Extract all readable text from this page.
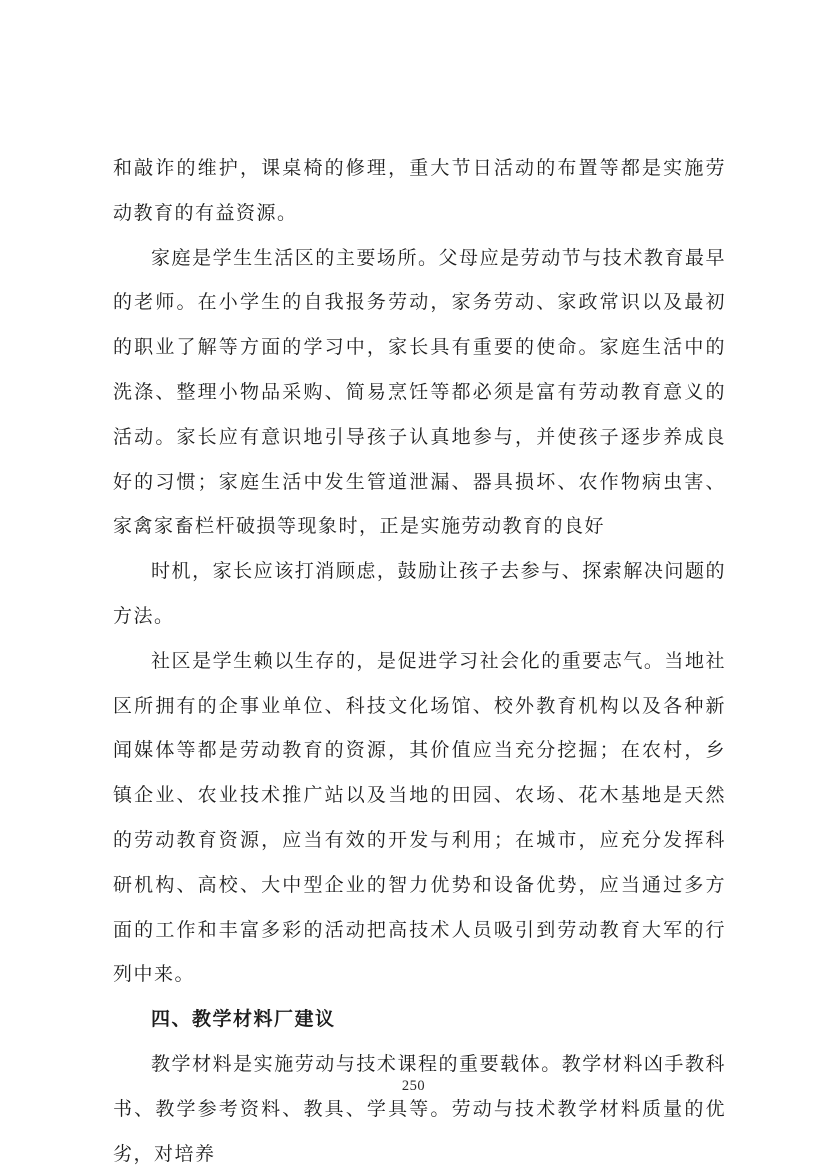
和敲诈的维护，课桌椅的修理，重大节日活动的布置等都是实施劳动教育的有益资源。

家庭是学生生活区的主要场所。父母应是劳动节与技术教育最早的老师。在小学生的自我报务劳动，家务劳动、家政常识以及最初的职业了解等方面的学习中，家长具有重要的使命。家庭生活中的洗涤、整理小物品采购、简易烹饪等都必须是富有劳动教育意义的活动。家长应有意识地引导孩子认真地参与，并使孩子逐步养成良好的习惯；家庭生活中发生管道泄漏、器具损坏、农作物病虫害、家禽家畜栏杆破损等现象时，正是实施劳动教育的良好

时机，家长应该打消顾虑，鼓励让孩子去参与、探索解决问题的方法。

社区是学生赖以生存的，是促进学习社会化的重要志气。当地社区所拥有的企事业单位、科技文化场馆、校外教育机构以及各种新闻媒体等都是劳动教育的资源，其价值应当充分挖掘；在农村，乡镇企业、农业技术推广站以及当地的田园、农场、花木基地是天然的劳动教育资源，应当有效的开发与利用；在城市，应充分发挥科研机构、高校、大中型企业的智力优势和设备优势，应当通过多方面的工作和丰富多彩的活动把高技术人员吸引到劳动教育大军的行列中来。

四、教学材料厂建议

教学材料是实施劳动与技术课程的重要载体。教学材料凶手教科书、教学参考资料、教具、学具等。劳动与技术教学材料质量的优劣，对培养

250
